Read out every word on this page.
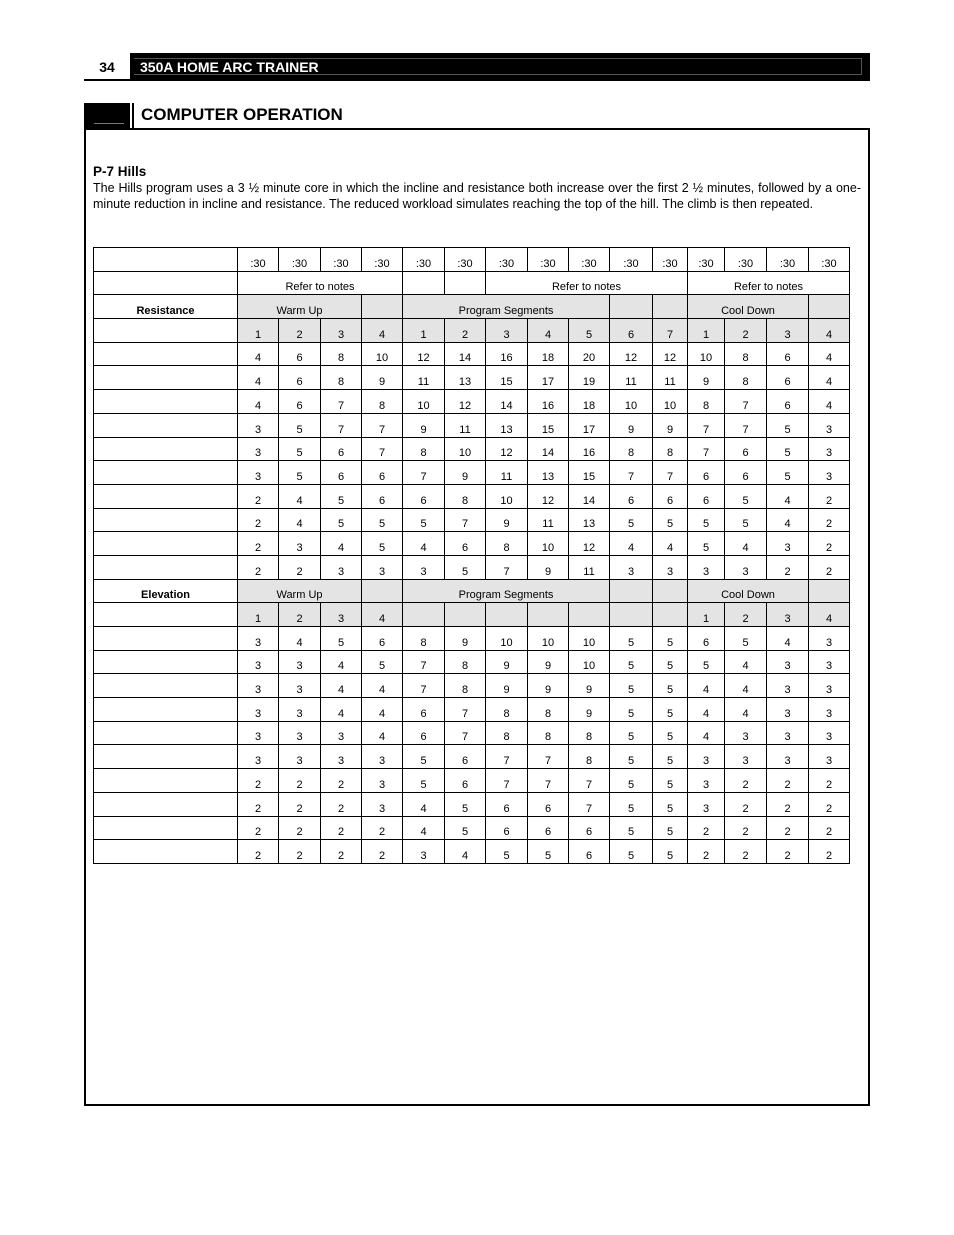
34	350A HOME ARC TRAINER
COMPUTER OPERATION
P-7 Hills
The Hills program uses a 3 ½ minute core in which the incline and resistance both increase over the first 2 ½ minutes, followed by a one-minute reduction in incline and resistance. The reduced workload simulates reaching the top of the hill. The climb is then repeated.
	:30	:30	:30	:30	:30	:30	:30	:30	:30	:30	:30	:30	:30	:30	:30
	Refer to notes						Refer to notes					Refer to notes			
Resistance	Warm Up				Program Segments							Cool Down			
	1	2	3	4	1	2	3	4	5	6	7	1	2	3	4
	4	6	8	10	12	14	16	18	20	12	12	10	8	6	4
	4	6	8	9	11	13	15	17	19	11	11	9	8	6	4
	4	6	7	8	10	12	14	16	18	10	10	8	7	6	4
	3	5	7	7	9	11	13	15	17	9	9	7	7	5	3
	3	5	6	7	8	10	12	14	16	8	8	7	6	5	3
	3	5	6	6	7	9	11	13	15	7	7	6	6	5	3
	2	4	5	6	6	8	10	12	14	6	6	6	5	4	2
	2	4	5	5	5	7	9	11	13	5	5	5	5	4	2
	2	3	4	5	4	6	8	10	12	4	4	5	4	3	2
	2	2	3	3	3	5	7	9	11	3	3	3	3	2	2
Elevation	Warm Up				Program Segments							Cool Down			
	1	2	3	4								1	2	3	4
	3	4	5	6	8	9	10	10	10	5	5	6	5	4	3
	3	3	4	5	7	8	9	9	10	5	5	5	4	3	3
	3	3	4	4	7	8	9	9	9	5	5	4	4	3	3
	3	3	4	4	6	7	8	8	9	5	5	4	4	3	3
	3	3	3	4	6	7	8	8	8	5	5	4	3	3	3
	3	3	3	3	5	6	7	7	8	5	5	3	3	3	3
	2	2	2	3	5	6	7	7	7	5	5	3	2	2	2
	2	2	2	3	4	5	6	6	7	5	5	3	2	2	2
	2	2	2	2	4	5	6	6	6	5	5	2	2	2	2
	2	2	2	2	3	4	5	5	6	5	5	2	2	2	2
